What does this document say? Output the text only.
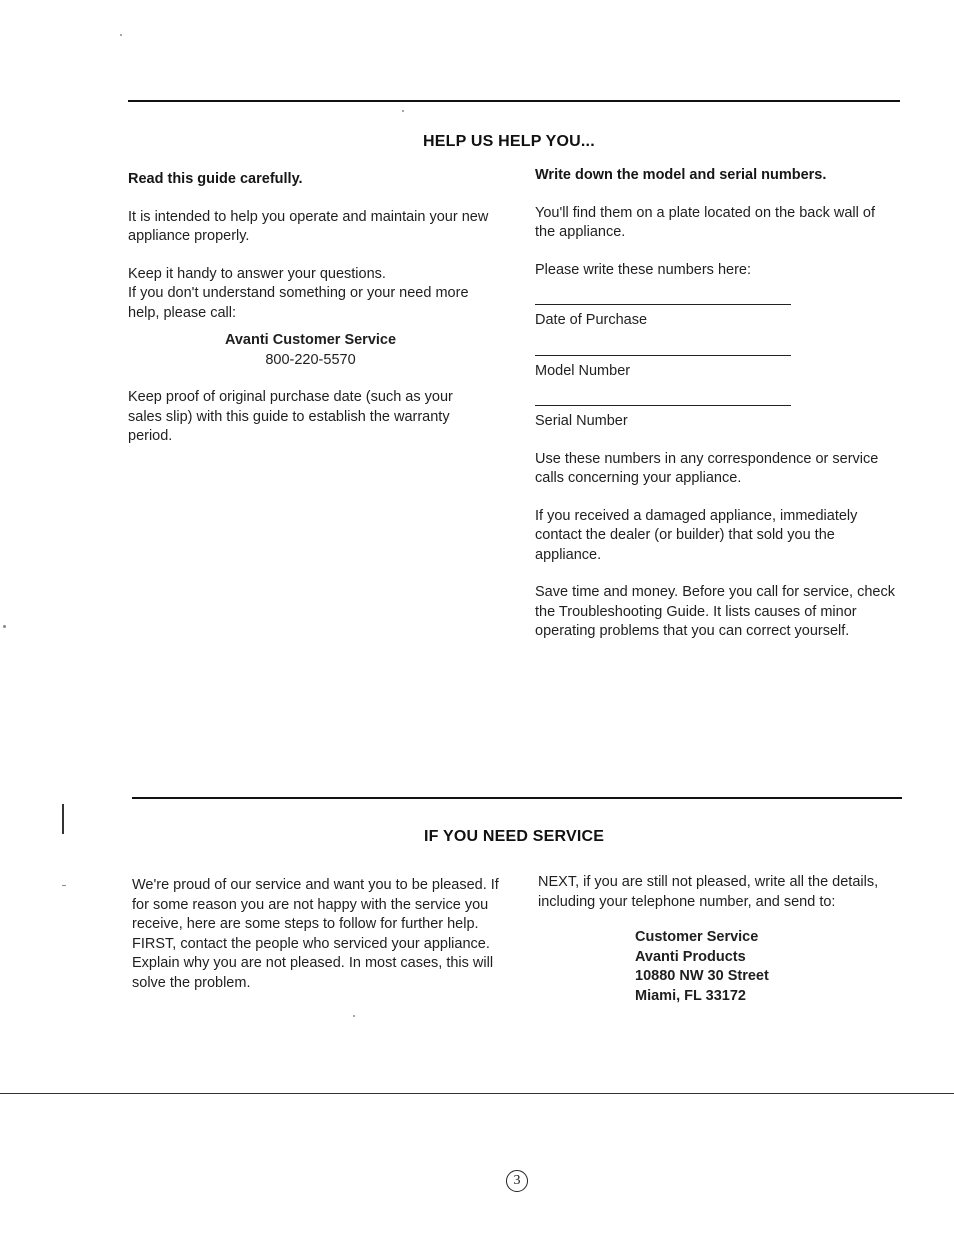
HELP US HELP YOU...

Read this guide carefully.

It is intended to help you operate and maintain your new appliance properly.

Keep it handy to answer your questions.

If you don't understand something or your need more help, please call:

Avanti Customer Service

800-220-5570

Keep proof of original purchase date (such as your sales slip) with this guide to establish the warranty period.

Write down the model and serial numbers.

You'll find them on a plate located on the back wall of the appliance.

Please write these numbers here:

Date of Purchase

Model Number

Serial Number

Use these numbers in any correspondence or service calls concerning your appliance.

If you received a damaged appliance, immediately contact the dealer (or builder) that sold you the appliance.

Save time and money. Before you call for service, check the Troubleshooting Guide. It lists causes of minor operating problems that you can correct yourself.

IF YOU NEED SERVICE

We're proud of our service and want you to be pleased. If for some reason you are not happy with the service you receive, here are some steps to follow for further help.

FIRST, contact the people who serviced your appliance. Explain why you are not pleased. In most cases, this will solve the problem.

NEXT, if you are still not pleased, write all the details, including your telephone number, and send to:

Customer Service

Avanti Products

10880 NW 30 Street

Miami, FL 33172

3
